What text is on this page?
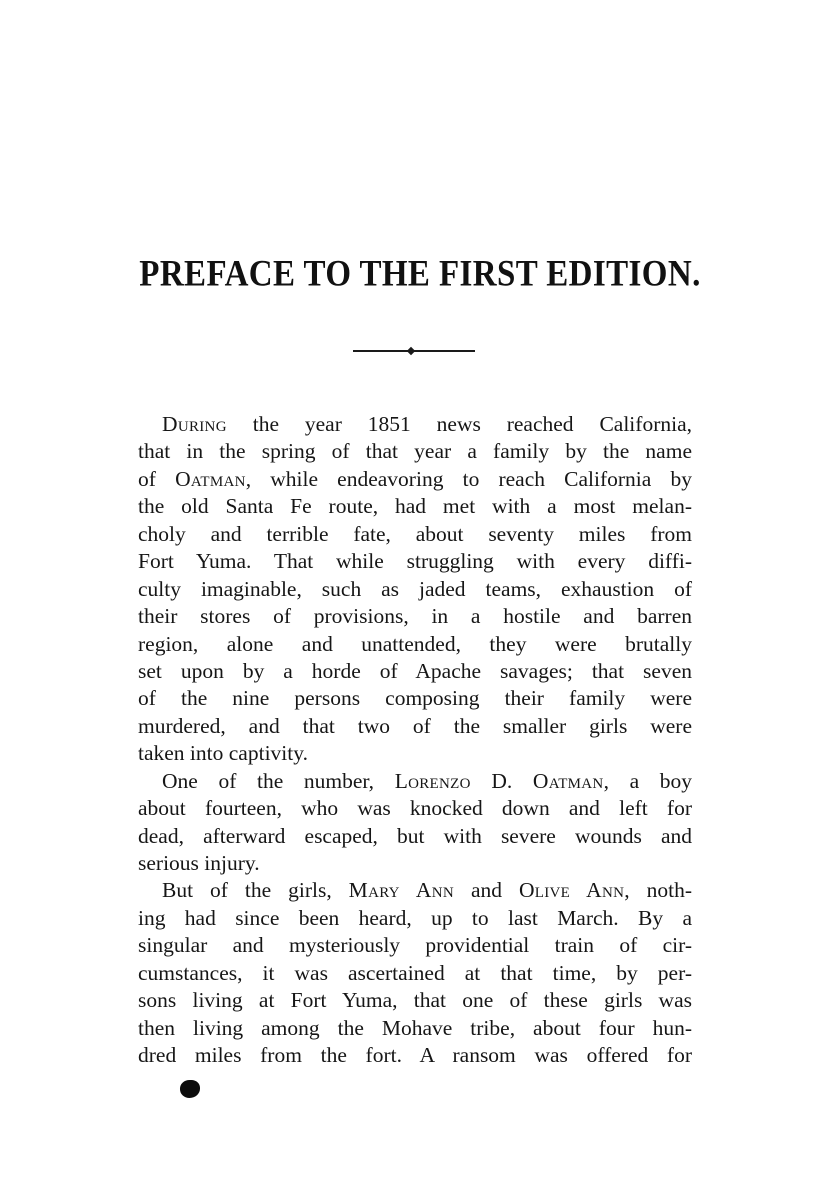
PREFACE TO THE FIRST EDITION.
During the year 1851 news reached California,
that in the spring of that year a family by the name
of Oatman, while endeavoring to reach California by
the old Santa Fe route, had met with a most melan-
choly and terrible fate, about seventy miles from
Fort Yuma. That while struggling with every diffi-
culty imaginable, such as jaded teams, exhaustion of
their stores of provisions, in a hostile and barren
region, alone and unattended, they were brutally
set upon by a horde of Apache savages; that seven
of the nine persons composing their family were
murdered, and that two of the smaller girls were
taken into captivity.
One of the number, Lorenzo D. Oatman, a boy
about fourteen, who was knocked down and left for
dead, afterward escaped, but with severe wounds and
serious injury.
But of the girls, Mary Ann and Olive Ann, noth-
ing had since been heard, up to last March. By a
singular and mysteriously providential train of cir-
cumstances, it was ascertained at that time, by per-
sons living at Fort Yuma, that one of these girls was
then living among the Mohave tribe, about four hun-
dred miles from the fort. A ransom was offered for
